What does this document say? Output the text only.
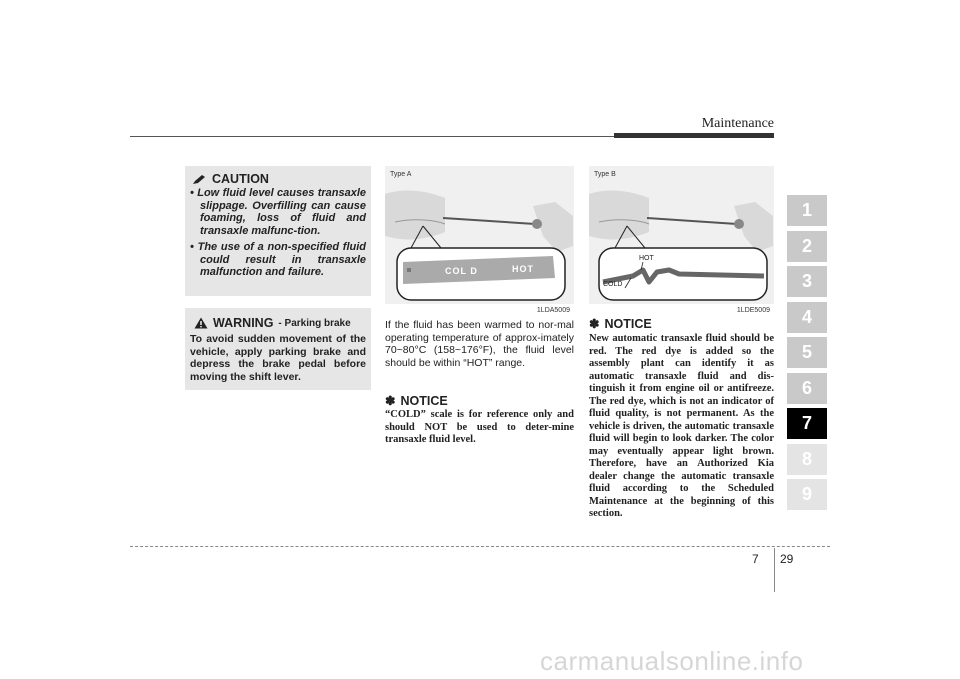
Maintenance
1
2
3
4
5
6
7
8
9
CAUTION
• Low fluid level causes transaxle slippage. Overfilling can cause foaming, loss of fluid and transaxle malfunc-tion.
• The use of a non-specified fluid could result in transaxle malfunction and failure.
WARNING - Parking brake
To avoid sudden movement of the vehicle, apply parking brake and depress the brake pedal before moving the shift lever.
Type A
COL D	HOT
1LDA5009
Type B
COLD
HOT
1LDE5009
If the fluid has been warmed to nor-mal operating temperature of approx-imately 70~80°C (158~176°F), the fluid level should be within “HOT” range.
✽ NOTICE
“COLD” scale is for reference only and should NOT be used to deter-mine transaxle fluid level.
✽ NOTICE
New automatic transaxle fluid should be red. The red dye is added so the assembly plant can identify it as automatic transaxle fluid and dis-tinguish it from engine oil or antifreeze. The red dye, which is not an indicator of fluid quality, is not permanent. As the vehicle is driven, the automatic transaxle fluid will begin to look darker. The color may eventually appear light brown. Therefore, have an Authorized Kia dealer change the automatic transaxle fluid according to the Scheduled Maintenance at the beginning of this section.
7 29
carmanualsonline.info
